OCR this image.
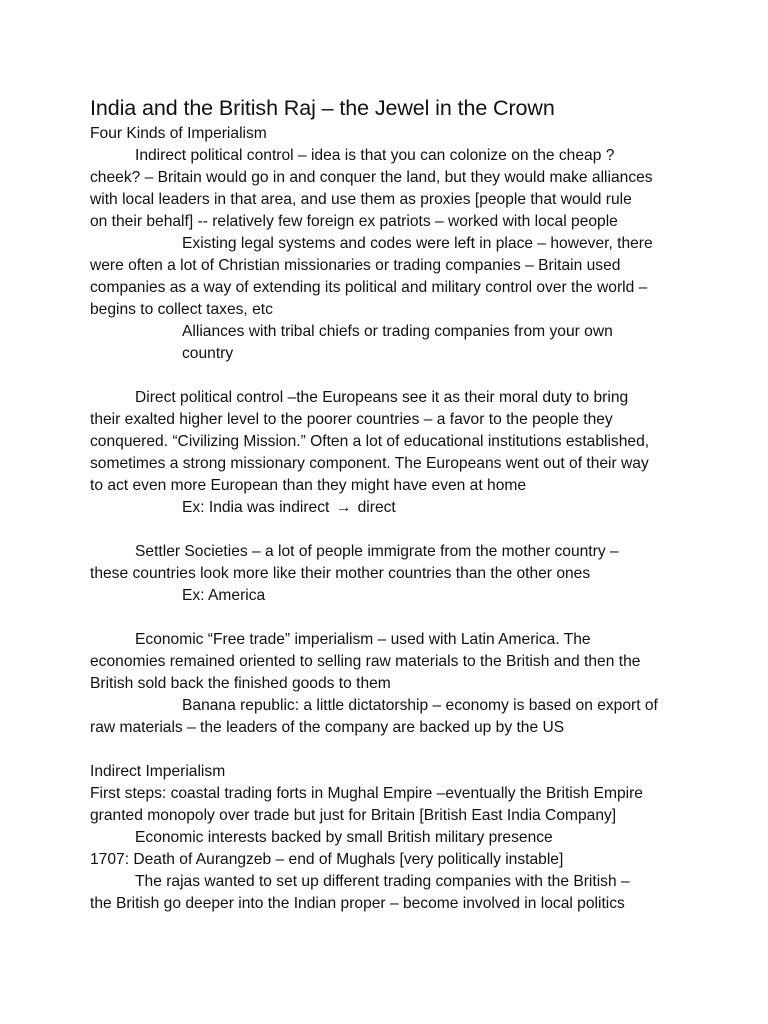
India and the British Raj – the Jewel in the Crown
Four Kinds of Imperialism
Indirect political control – idea is that you can colonize on the cheap ?
cheek? – Britain would go in and conquer the land, but they would make alliances
with local leaders in that area, and use them as proxies [people that would rule
on their behalf] -- relatively few foreign ex patriots – worked with local people
Existing legal systems and codes were left in place – however, there
were often a lot of Christian missionaries or trading companies – Britain used
companies as a way of extending its political and military control over the world –
begins to collect taxes, etc
Alliances with tribal chiefs or trading companies from your own
country
Direct political control –the Europeans see it as their moral duty to bring
their exalted higher level to the poorer countries – a favor to the people they
conquered. “Civilizing Mission.” Often a lot of educational institutions established,
sometimes a strong missionary component. The Europeans went out of their way
to act even more European than they might have even at home
Ex: India was indirect → direct
Settler Societies – a lot of people immigrate from the mother country –
these countries look more like their mother countries than the other ones
Ex: America
Economic “Free trade” imperialism – used with Latin America. The
economies remained oriented to selling raw materials to the British and then the
British sold back the finished goods to them
Banana republic: a little dictatorship – economy is based on export of
raw materials – the leaders of the company are backed up by the US
Indirect Imperialism
First steps: coastal trading forts in Mughal Empire –eventually the British Empire
granted monopoly over trade but just for Britain [British East India Company]
Economic interests backed by small British military presence
1707: Death of Aurangzeb – end of Mughals [very politically instable]
The rajas wanted to set up different trading companies with the British –
the British go deeper into the Indian proper – become involved in local politics
